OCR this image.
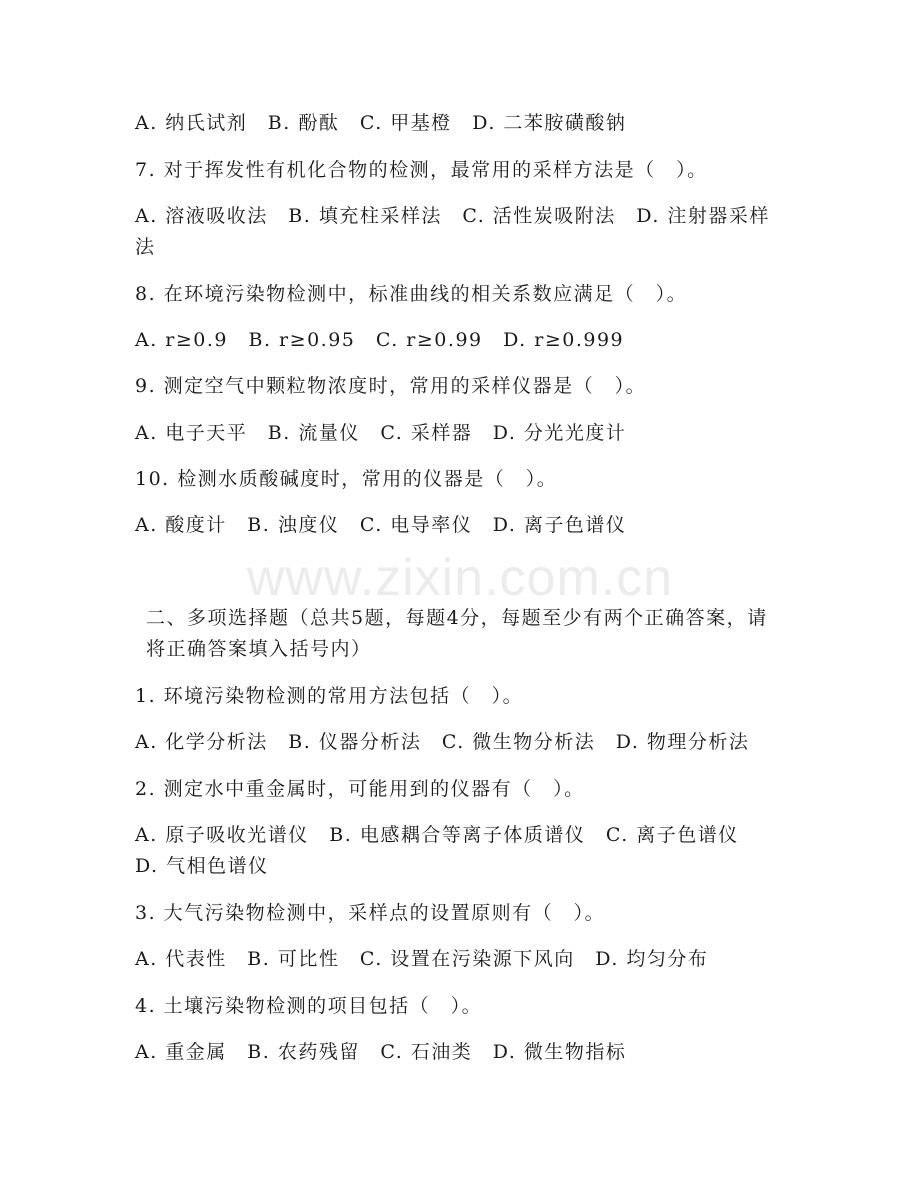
A. 纳氏试剂　B. 酚酞　C. 甲基橙　D. 二苯胺磺酸钠
7. 对于挥发性有机化合物的检测，最常用的采样方法是（　）。
A. 溶液吸收法　B. 填充柱采样法　C. 活性炭吸附法　D. 注射器采样法
8. 在环境污染物检测中，标准曲线的相关系数应满足（　）。
A. r≥0.9　B. r≥0.95　C. r≥0.99　D. r≥0.999
9. 测定空气中颗粒物浓度时，常用的采样仪器是（　）。
A. 电子天平　B. 流量仪　C. 采样器　D. 分光光度计
10. 检测水质酸碱度时，常用的仪器是（　）。
A. 酸度计　B. 浊度仪　C. 电导率仪　D. 离子色谱仪
www.zixin.com.cn
二、多项选择题（总共5题，每题4分，每题至少有两个正确答案，请将正确答案填入括号内）
1. 环境污染物检测的常用方法包括（　）。
A. 化学分析法　B. 仪器分析法　C. 微生物分析法　D. 物理分析法
2. 测定水中重金属时，可能用到的仪器有（　）。
A. 原子吸收光谱仪　B. 电感耦合等离子体质谱仪　C. 离子色谱仪　D. 气相色谱仪
3. 大气污染物检测中，采样点的设置原则有（　）。
A. 代表性　B. 可比性　C. 设置在污染源下风向　D. 均匀分布
4. 土壤污染物检测的项目包括（　）。
A. 重金属　B. 农药残留　C. 石油类　D. 微生物指标
